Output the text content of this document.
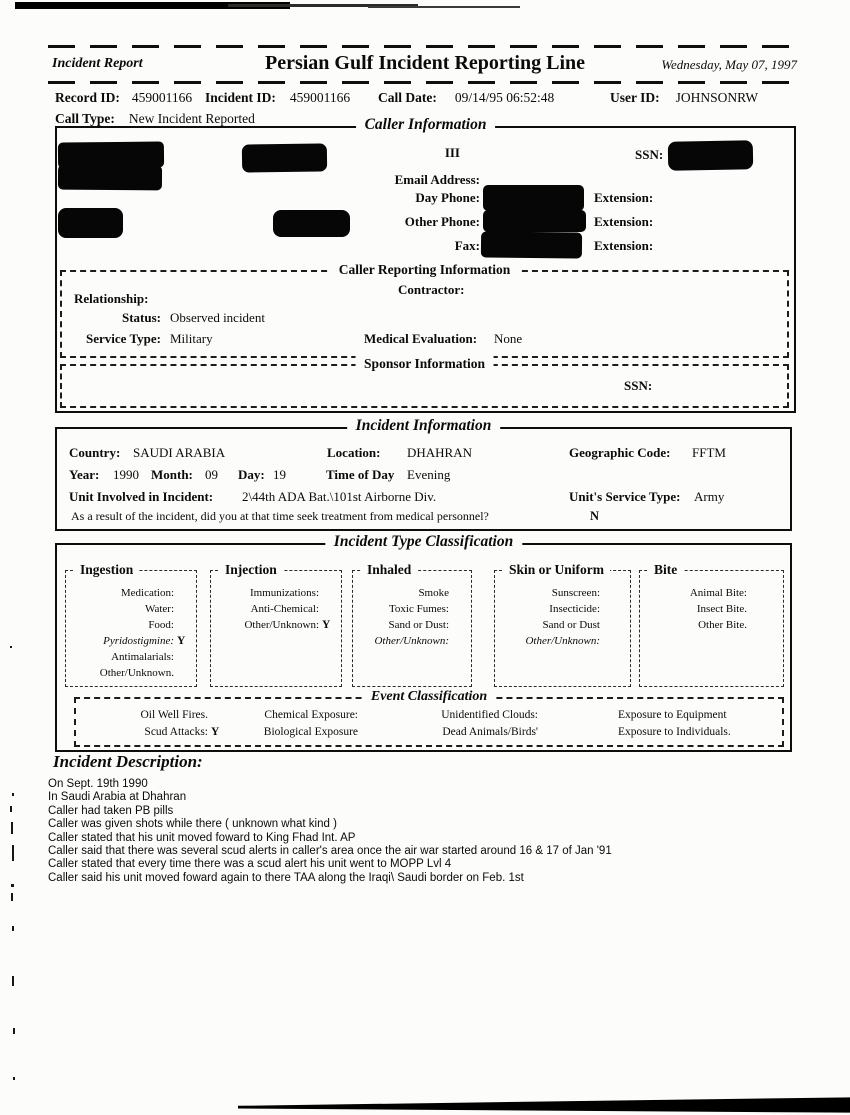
Incident Report	Persian Gulf Incident Reporting Line	Wednesday, May 07, 1997
Record ID: 459001166 Incident ID: 459001166 Call Date: 09/14/95 06:52:48	User ID: JOHNSONRW
Call Type: New Incident Reported	Caller Information
III	SSN:
Email Address:
Day Phone:
Other Phone:
Fax:
Extension:
Extension:
Extension:
Caller Reporting Information
Contractor:
Relationship:
Status: Observed incident
Service Type: Military	Medical Evaluation: None
Sponsor Information
SSN:
Incident Information
Country: SAUDI ARABIA	Location: DHAHRAN	Geographic Code: FFTM
Year: 1990 Month: 09 Day: 19	Time of Day Evening
Unit Involved in Incident: 2\44th ADA Bat.\101st Airborne Div.	Unit's Service Type: Army
As a result of the incident, did you at that time seek treatment from medical personnel?	N
Incident Type Classification
Ingestion
Medication:
Water:
Food:
Pyridostigmine: Y
Antimalarials:
Other/Unknown.
Injection
Immunizations:
Anti-Chemical:
Other/Unknown: Y
Inhaled
Smoke
Toxic Fumes:
Sand or Dust:
Other/Unknown:
Skin or Uniform
Sunscreen:
Insecticide:
Sand or Dust
Other/Unknown:
Bite
Animal Bite:
Insect Bite.
Other Bite.
Event Classification
Oil Well Fires.
Scud Attacks: Y
Chemical Exposure:
Biological Exposure
Unidentified Clouds:
Dead Animals/Birds'
Exposure to Equipment
Exposure to Individuals.
Incident Description:
On Sept. 19th 1990
In Saudi Arabia at Dhahran
Caller had taken PB pills
Caller was given shots while there ( unknown what kind )
Caller stated that his unit moved foward to King Fhad Int. AP
Caller said that there was several scud alerts in caller's area once the air war started around 16 & 17 of Jan '91
Caller stated that every time there was a scud alert his unit went to MOPP Lvl 4
Caller said his unit moved foward again to there TAA along the Iraqi\ Saudi border on Feb. 1st
